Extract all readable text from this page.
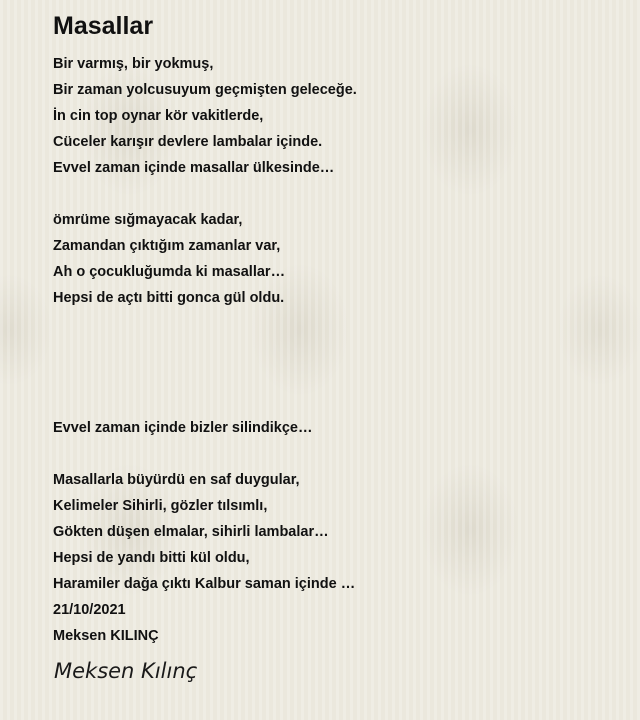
Masallar
Bir varmış, bir yokmuş,
Bir zaman yolcusuyum geçmişten geleceğe.
İn cin top oynar kör vakitlerde,
Cüceler karışır devlere lambalar içinde.
Evvel zaman içinde masallar ülkesinde…
ömrüme sığmayacak kadar,
Zamandan çıktığım zamanlar var,
Ah o çocukluğumda ki masallar…
Hepsi de açtı bitti gonca gül oldu.
Evvel zaman içinde bizler silindikçe…
Masallarla büyürdü en saf duygular,
Kelimeler Sihirli, gözler tılsımlı,
Gökten düşen elmalar, sihirli lambalar…
Hepsi de yandı bitti kül oldu,
Haramiler dağa çıktı Kalbur saman içinde …
21/10/2021
Meksen KILINÇ
Meksen Kılınç
